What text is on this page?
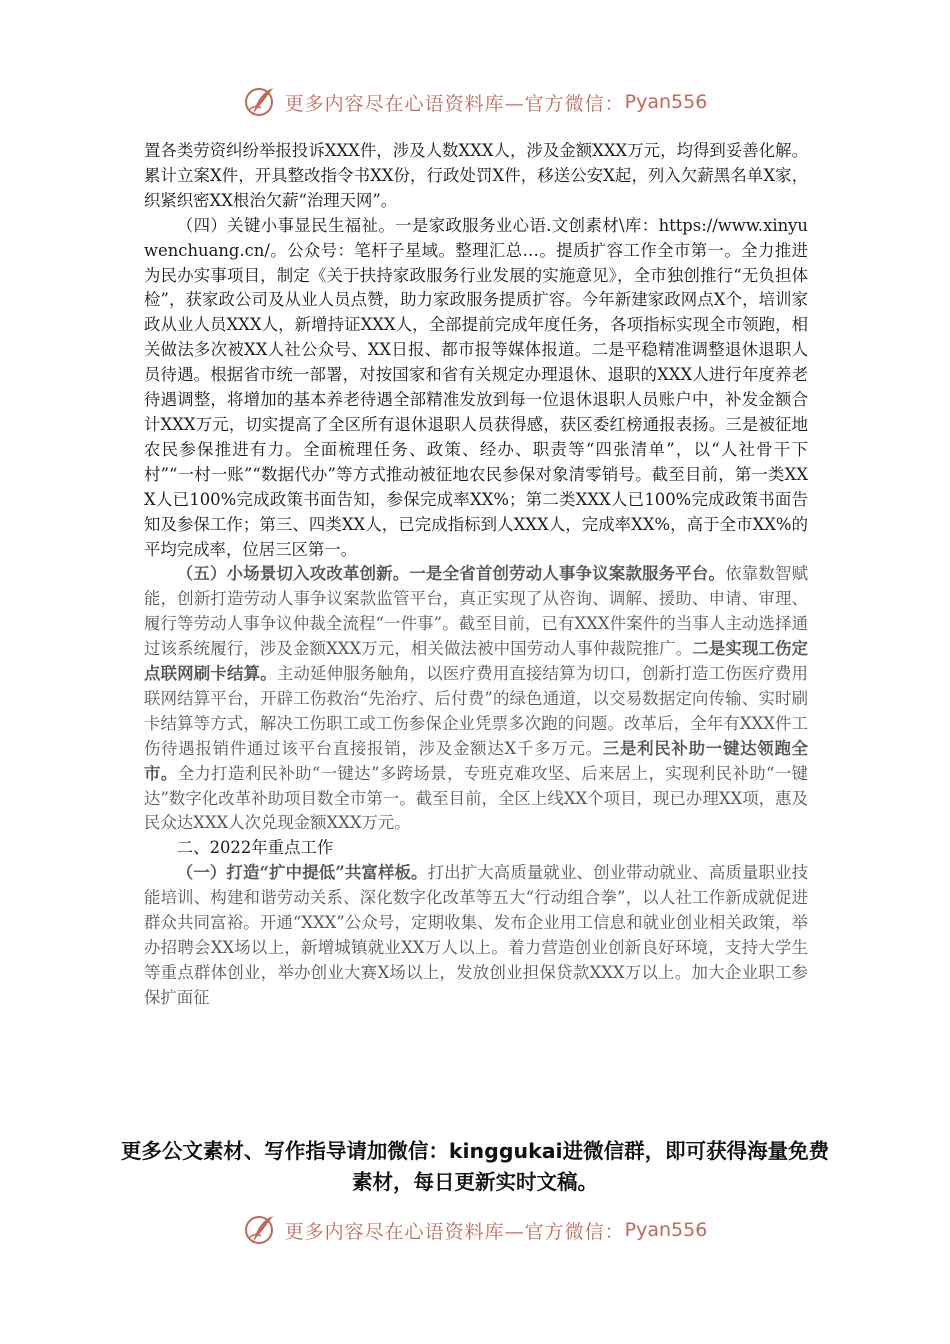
更多内容尽在心语资料库—官方微信： Pyan556

置各类劳资纠纷举报投诉XXX件，涉及人数XXX人，涉及金额XXX万元，均得到妥善化解。累计立案X件，开具整改指令书XX份，行政处罚X件，移送公安X起，列入欠薪黑名单X家，织紧织密XX根治欠薪“治理天网”。

（四）关键小事显民生福祉。一是家政服务业心语.文创素材\库：https://www.xinyuwenchuang.cn/。公众号：笔杆子星域。整理汇总…。提质扩容工作全市第一。全力推进为民办实事项目，制定《关于扶持家政服务行业发展的实施意见》，全市独创推行“无负担体检”，获家政公司及从业人员点赞，助力家政服务提质扩容。今年新建家政网点X个，培训家政从业人员XXX人，新增持证XXX人，全部提前完成年度任务，各项指标实现全市领跑，相关做法多次被XX人社公众号、XX日报、都市报等媒体报道。二是平稳精准调整退休退职人员待遇。根据省市统一部署，对按国家和省有关规定办理退休、退职的XXX人进行年度养老待遇调整，将增加的基本养老待遇全部精准发放到每一位退休退职人员账户中，补发金额合计XXX万元，切实提高了全区所有退休退职人员获得感，获区委红榜通报表扬。三是被征地农民参保推进有力。全面梳理任务、政策、经办、职责等“四张清单”，以“人社骨干下村”“一村一账”“数据代办”等方式推动被征地农民参保对象清零销号。截至目前，第一类XXX人已100%完成政策书面告知，参保完成率XX%；第二类XXX人已100%完成政策书面告知及参保工作；第三、四类XX人，已完成指标到人XXX人，完成率XX%，高于全市XX%的平均完成率，位居三区第一。

（五）小场景切入攻改革创新。一是全省首创劳动人事争议案款服务平台。依靠数智赋能，创新打造劳动人事争议案款监管平台，真正实现了从咨询、调解、援助、申请、审理、履行等劳动人事争议仲裁全流程“一件事”。截至目前，已有XXX件案件的当事人主动选择通过该系统履行，涉及金额XXX万元，相关做法被中国劳动人事仲裁院推广。二是实现工伤定点联网刷卡结算。主动延伸服务触角，以医疗费用直接结算为切口，创新打造工伤医疗费用联网结算平台，开辟工伤救治“先治疗、后付费”的绿色通道，以交易数据定向传输、实时刷卡结算等方式，解决工伤职工或工伤参保企业凭票多次跑的问题。改革后，全年有XXX件工伤待遇报销件通过该平台直接报销，涉及金额达X千多万元。三是利民补助一键达领跑全市。全力打造利民补助“一键达”多跨场景，专班克难攻坚、后来居上，实现利民补助“一键达”数字化改革补助项目数全市第一。截至目前，全区上线XX个项目，现已办理XX项，惠及民众达XXX人次兑现金额XXX万元。

二、2022年重点工作

（一）打造“扩中提低”共富样板。打出扩大高质量就业、创业带动就业、高质量职业技能培训、构建和谐劳动关系、深化数字化改革等五大“行动组合拳”，以人社工作新成就促进群众共同富裕。开通“XXX”公众号，定期收集、发布企业用工信息和就业创业相关政策，举办招聘会XX场以上，新增城镇就业XX万人以上。着力营造创业创新良好环境，支持大学生等重点群体创业，举办创业大赛X场以上，发放创业担保贷款XXX万以上。加大企业职工参保扩面征

更多公文素材、写作指导请加微信：kinggukai进微信群，即可获得海量免费素材，每日更新实时文稿。
更多内容尽在心语资料库—官方微信： Pyan556
